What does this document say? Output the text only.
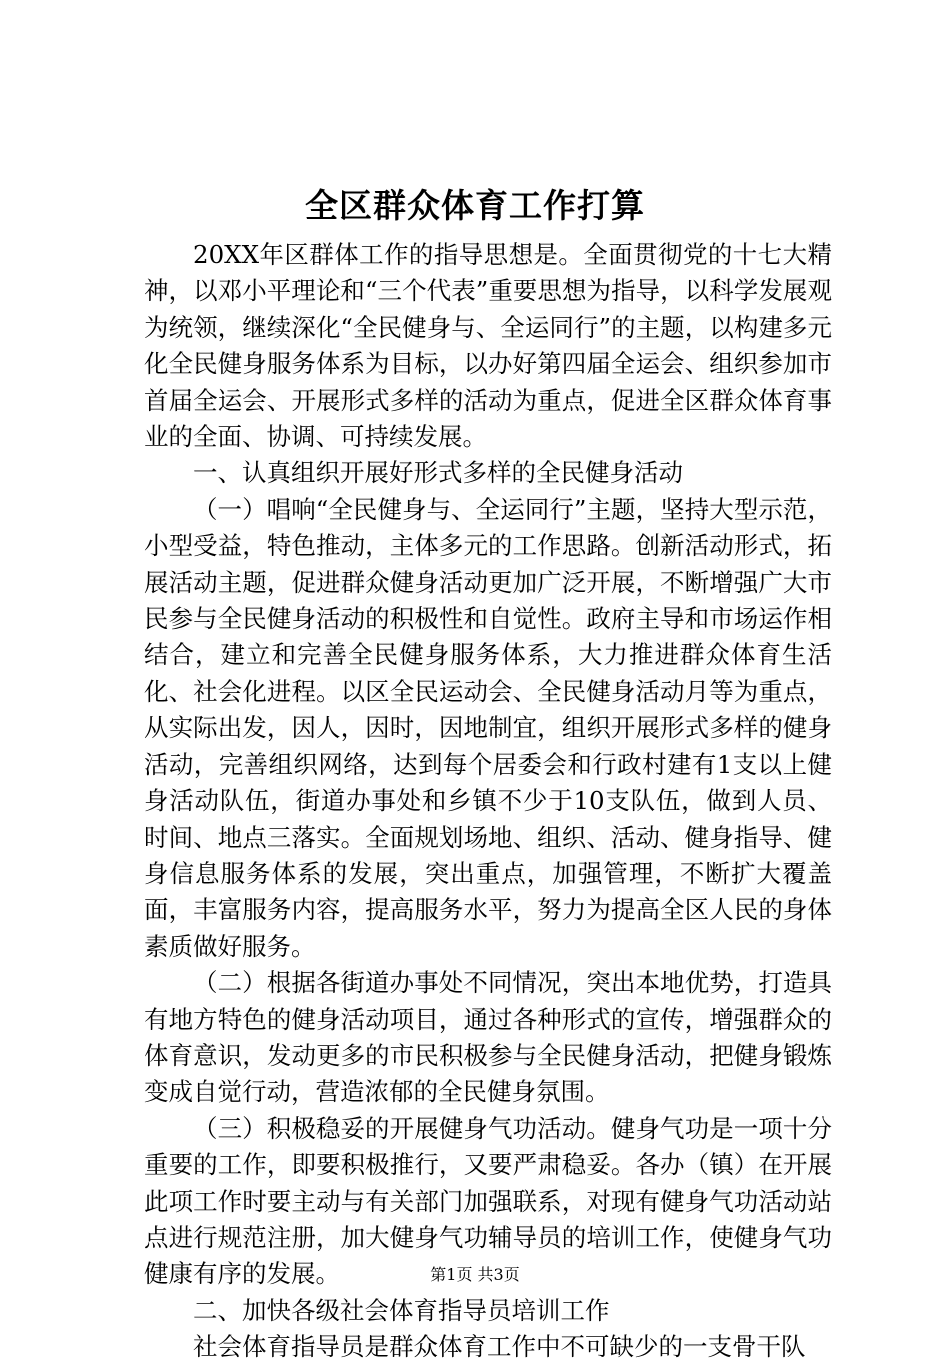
全区群众体育工作打算

20XX年区群体工作的指导思想是。全面贯彻党的十七大精神，以邓小平理论和“三个代表”重要思想为指导，以科学发展观为统领，继续深化“全民健身与、全运同行”的主题，以构建多元化全民健身服务体系为目标，以办好第四届全运会、组织参加市首届全运会、开展形式多样的活动为重点，促进全区群众体育事业的全面、协调、可持续发展。

一、认真组织开展好形式多样的全民健身活动

（一）唱响“全民健身与、全运同行”主题，坚持大型示范，小型受益，特色推动，主体多元的工作思路。创新活动形式，拓展活动主题，促进群众健身活动更加广泛开展，不断增强广大市民参与全民健身活动的积极性和自觉性。政府主导和市场运作相结合，建立和完善全民健身服务体系，大力推进群众体育生活化、社会化进程。以区全民运动会、全民健身活动月等为重点，从实际出发，因人，因时，因地制宜，组织开展形式多样的健身活动，完善组织网络，达到每个居委会和行政村建有1支以上健身活动队伍，街道办事处和乡镇不少于10支队伍，做到人员、时间、地点三落实。全面规划场地、组织、活动、健身指导、健身信息服务体系的发展，突出重点，加强管理，不断扩大覆盖面，丰富服务内容，提高服务水平，努力为提高全区人民的身体素质做好服务。

（二）根据各街道办事处不同情况，突出本地优势，打造具有地方特色的健身活动项目，通过各种形式的宣传，增强群众的体育意识，发动更多的市民积极参与全民健身活动，把健身锻炼变成自觉行动，营造浓郁的全民健身氛围。

（三）积极稳妥的开展健身气功活动。健身气功是一项十分重要的工作，即要积极推行，又要严肃稳妥。各办（镇）在开展此项工作时要主动与有关部门加强联系，对现有健身气功活动站点进行规范注册，加大健身气功辅导员的培训工作，使健身气功健康有序的发展。

二、加快各级社会体育指导员培训工作

社会体育指导员是群众体育工作中不可缺少的一支骨干队

第1页 共3页
